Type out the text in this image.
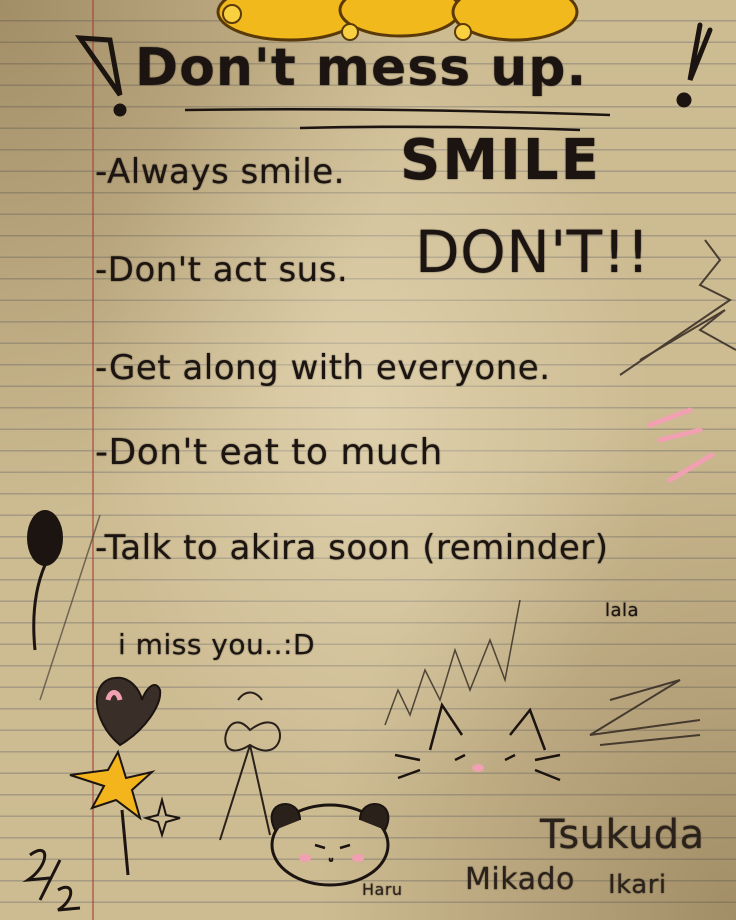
Don't mess up.
-Always smile. SMILE
-Don't act sus. DON'T!!
-Get along with everyone.
-Don't eat to much
-Talk to akira soon (reminder)
i miss you..:D
lala
Tsukuda
Mikado
Haru	Ikari
